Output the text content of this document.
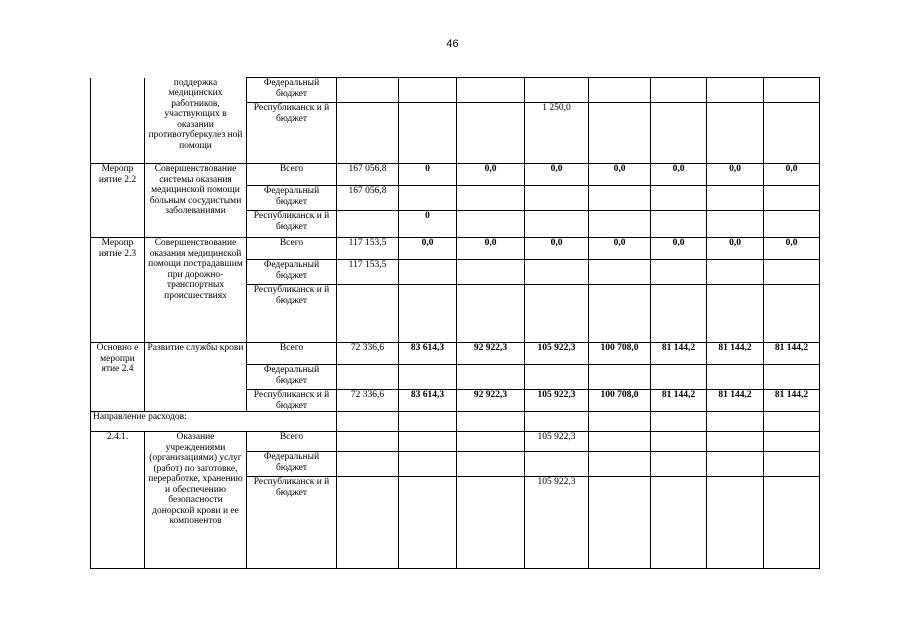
46
	поддержка медицинских работников, участвующих в оказании противотуберкулез ной помощи	Федеральный бюджет								
		Республиканск и й бюджет				1 250,0				
Меропр иятие 2.2	Совершенствование системы оказания медицинской помощи больным сосудистыми заболеваниями	Всего	167 056,8	0	0,0	0,0	0,0	0,0	0,0	0,0
		Федеральный бюджет	167 056,8							
		Республиканск и й бюджет		0						
Меропр иятие 2.3	Совершенствование оказания медицинской помощи пострадавшим при дорожно-транспортных происшествиях	Всего	117 153,5	0,0	0,0	0,0	0,0	0,0	0,0	0,0
		Федеральный бюджет	117 153,5							
		Республиканск и й бюджет								
Основно е меропри ятие 2.4	Развитие службы крови	Всего	72 336,6	83 614,3	92 922,3	105 922,3	100 708,0	81 144,2	81 144,2	81 144,2
		Федеральный бюджет								
		Республиканск и й бюджет	72 336,6	83 614,3	92 922,3	105 922,3	100 708,0	81 144,2	81 144,2	81 144,2
Направление расходов:										
2.4.1.	Оказание учреждениями (организациями) услуг (работ) по заготовке, переработке, хранению и обеспечению безопасности донорской крови и ее компонентов	Всего				105 922,3				
		Федеральный бюджет								
		Республиканск и й бюджет				105 922,3				
